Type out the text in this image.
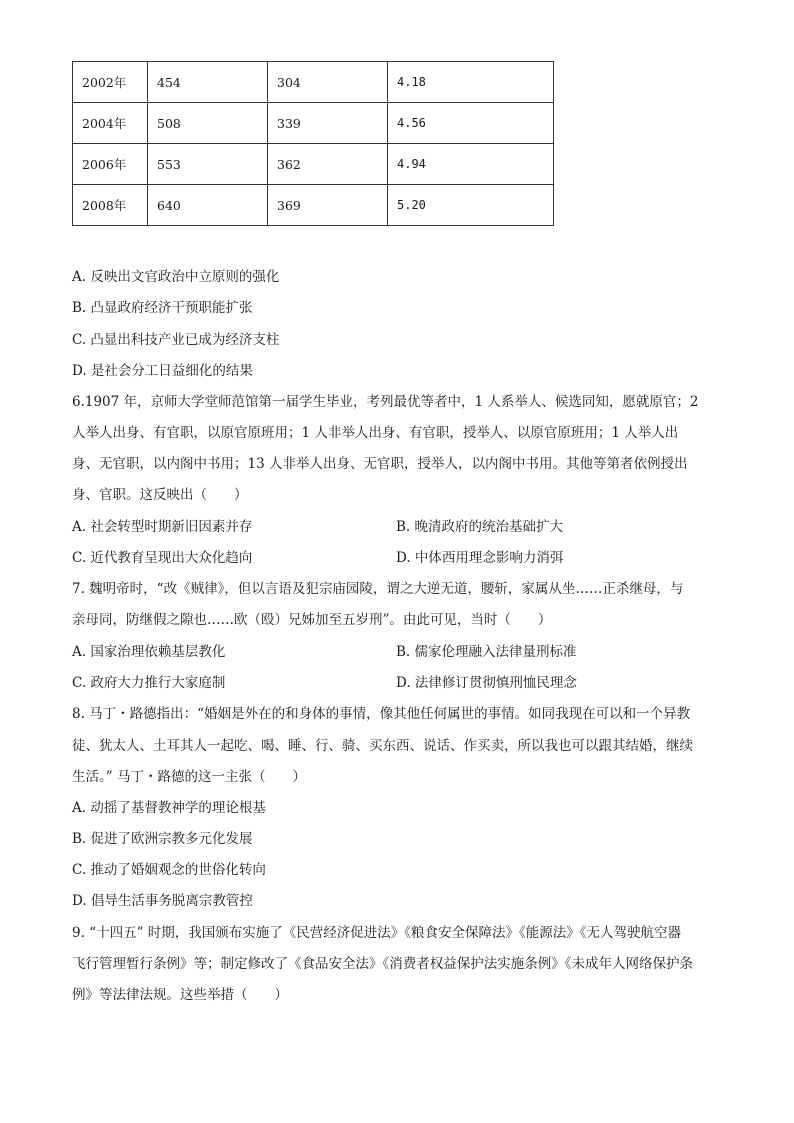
2002年	454	304	4.18
2004年	508	339	4.56
2006年	553	362	4.94
2008年	640	369	5.20
A. 反映出文官政治中立原则的强化
B. 凸显政府经济干预职能扩张
C. 凸显出科技产业已成为经济支柱
D. 是社会分工日益细化的结果
6.1907 年，京师大学堂师范馆第一届学生毕业，考列最优等者中，1 人系举人、候选同知，愿就原官；2
人举人出身、有官职，以原官原班用；1 人非举人出身、有官职，授举人、以原官原班用；1 人举人出
身、无官职，以内阁中书用；13 人非举人出身、无官职，授举人，以内阁中书用。其他等第者依例授出
身、官职。这反映出（　　）
A. 社会转型时期新旧因素并存	B. 晚清政府的统治基础扩大
C. 近代教育呈现出大众化趋向	D. 中体西用理念影响力消弭
7. 魏明帝时，“改《贼律》，但以言语及犯宗庙园陵，谓之大逆无道，腰斩，家属从坐……正杀继母，与
亲母同，防继假之隙也……欧（殴）兄姊加至五岁刑”。由此可见，当时（　　）
A. 国家治理依赖基层教化	B. 儒家伦理融入法律量刑标准
C. 政府大力推行大家庭制	D. 法律修订贯彻慎刑恤民理念
8. 马丁・路德指出：“婚姻是外在的和身体的事情，像其他任何属世的事情。如同我现在可以和一个异教
徒、犹太人、土耳其人一起吃、喝、睡、行、骑、买东西、说话、作买卖，所以我也可以跟其结婚，继续
生活。” 马丁・路德的这一主张（　　）
A. 动摇了基督教神学的理论根基
B. 促进了欧洲宗教多元化发展
C. 推动了婚姻观念的世俗化转向
D. 倡导生活事务脱离宗教管控
9. “十四五” 时期，我国颁布实施了《民营经济促进法》《粮食安全保障法》《能源法》《无人驾驶航空器
飞行管理暂行条例》等；制定修改了《食品安全法》《消费者权益保护法实施条例》《未成年人网络保护条
例》等法律法规。这些举措（　　）
